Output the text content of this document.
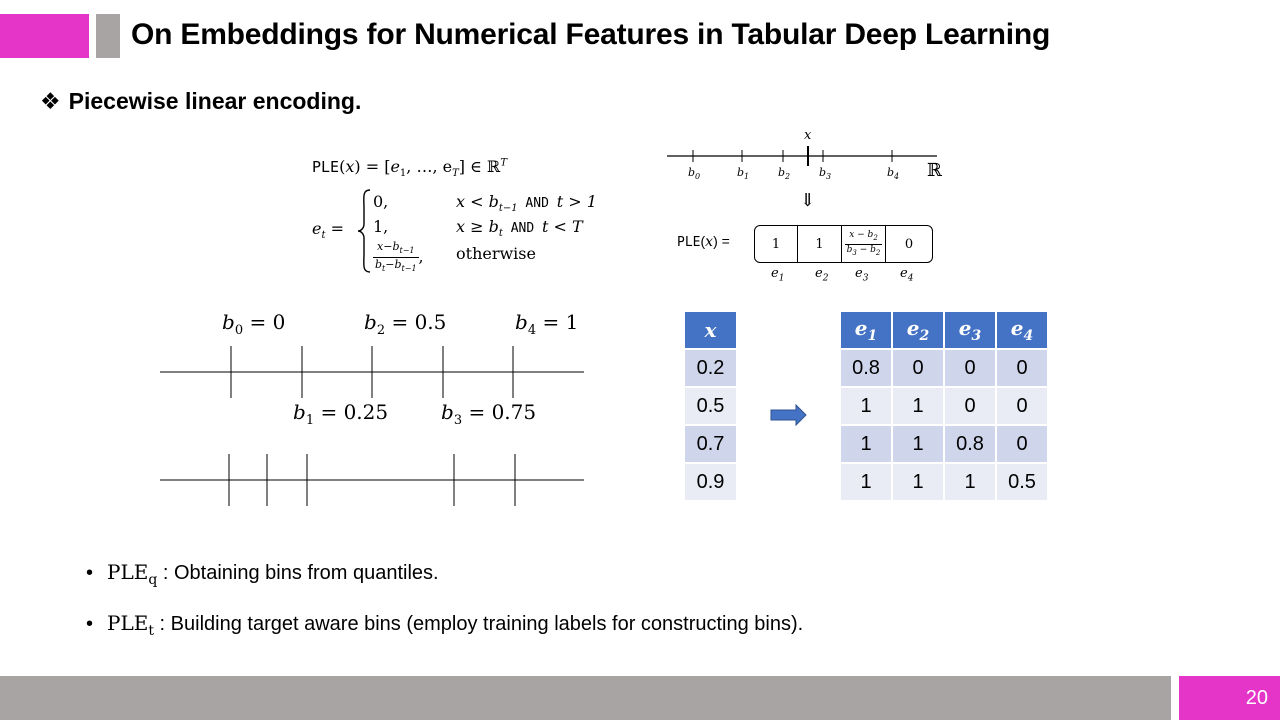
On Embeddings for Numerical Features in Tabular Deep Learning
❖ Piecewise linear encoding.
$PLE(x) = [e_1$, …, $e_T$] ∈ ℝ$^T$
$e_t$ =
0,	$x < b_{t-1}$ AND t > 1
1,	$x \ge b_t$ AND t < T
$\frac{x-b_{t-1}}{b_t-b_{t-1}}$ , otherwise
x
$b_0$	$b_1$	$b_2$	$b_3$	$b_4$ ℝ
⇓
PLE(x) =	1	1	$\frac{x - b_2}{b_3 - b_2}$	0
$e_1$ $e_2$ $e_3$ $e_4$
$b_0 = 0$	$b_2 = 0.5$	$b_4 = 1$
$b_1 = 0.25$	$b_3 = 0.75$
x
0.2
0.5
0.7
0.9
$e_1$	$e_2$	$e_3$	$e_4$
0.8	0	0	0
1	1	0	0
1	1	0.8	0
1	1	1	0.5
• $PLE_q$ : Obtaining bins from quantiles.
• $PLE_t$ : Building target aware bins (employ training labels for constructing bins).
20
